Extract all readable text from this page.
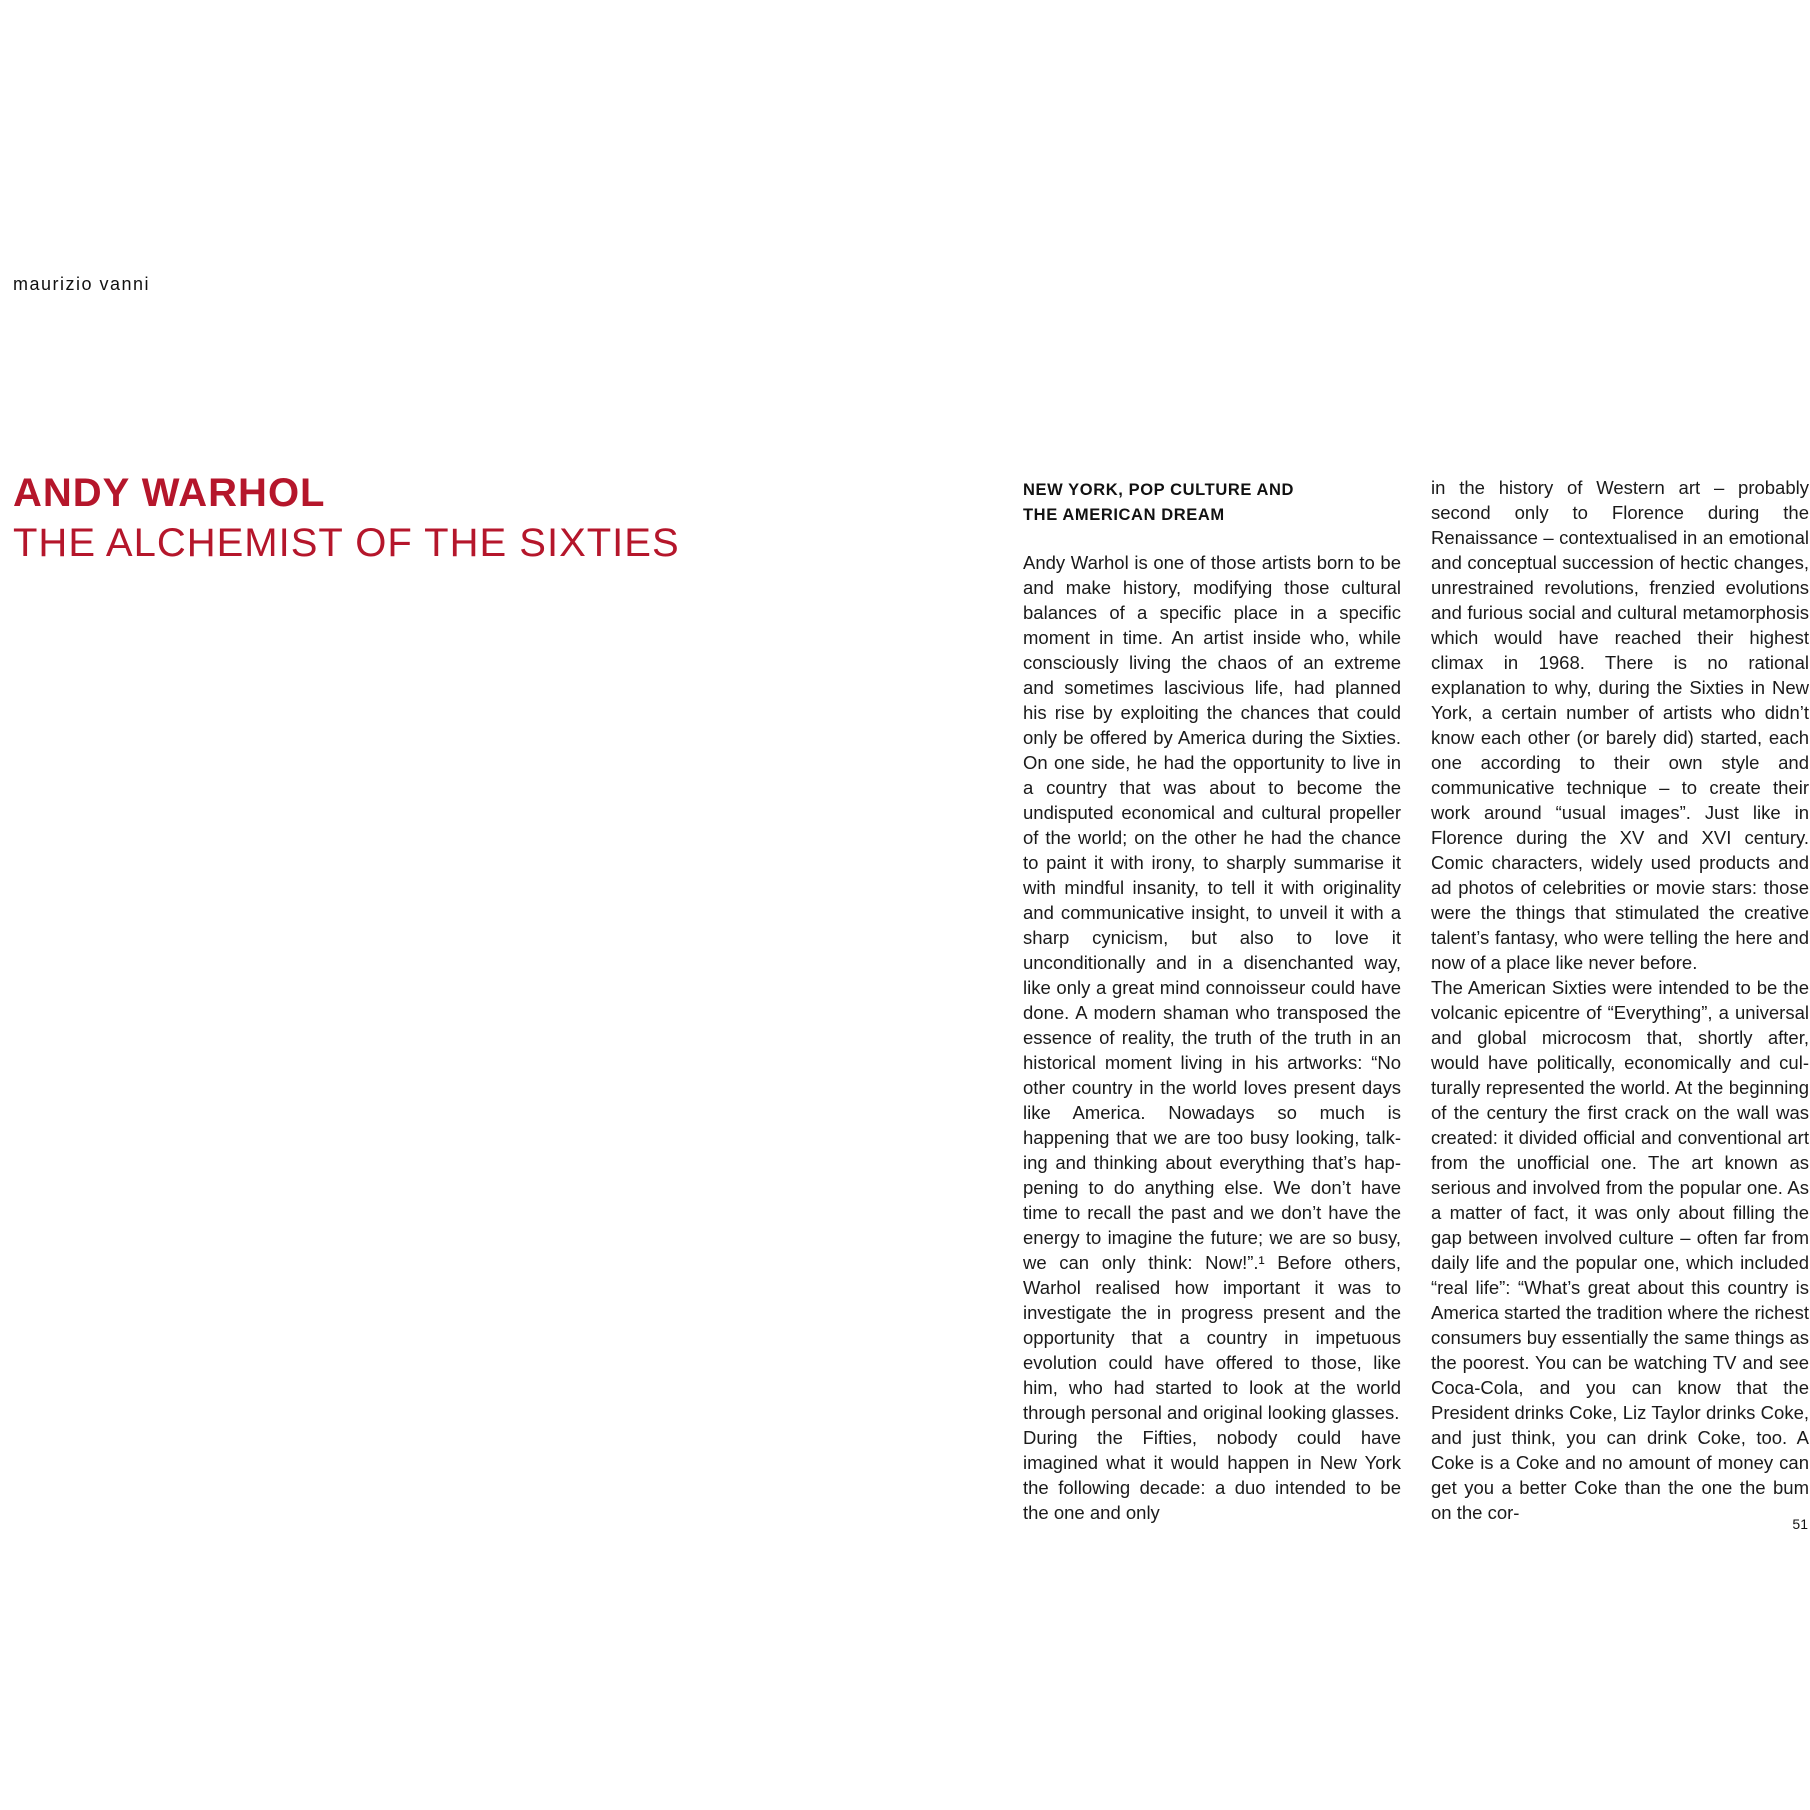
maurizio vanni
ANDY WARHOL
THE ALCHEMIST OF THE SIXTIES
NEW YORK, POP CULTURE AND
THE AMERICAN DREAM

Andy Warhol is one of those artists born to be and make history, modifying those cultural balances of a specific place in a specific moment in time. An artist inside who, while consciously living the chaos of an extreme and sometimes lascivious life, had planned his rise by exploiting the chances that could only be offered by America during the Sixties. On one side, he had the opportunity to live in a country that was about to become the undisputed economical and cultural propeller of the world; on the other he had the chance to paint it with irony, to sharply summarise it with mindful insanity, to tell it with originality and communicative insight, to unveil it with a sharp cynicism, but also to love it unconditionally and in a disenchanted way, like only a great mind connoisseur could have done. A modern shaman who transposed the essence of reality, the truth of the truth in an historical moment living in his artworks: “No other country in the world loves present days like America. Nowadays so much is happening that we are too busy looking, talking and thinking about everything that’s happening to do anything else. We don’t have time to recall the past and we don’t have the energy to imagine the future; we are so busy, we can only think: Now!”.¹ Before others, Warhol realised how important it was to investigate the in progress present and the opportunity that a country in impetuous evolution could have offered to those, like him, who had started to look at the world through personal and original looking glasses.

During the Fifties, nobody could have imagined what it would happen in New York the following decade: a duo intended to be the one and only

in the history of Western art – probably second only to Florence during the Renaissance – contextualised in an emotional and conceptual succession of hectic changes, unrestrained revolutions, frenzied evolutions and furious social and cultural metamorphosis which would have reached their highest climax in 1968. There is no rational explanation to why, during the Sixties in New York, a certain number of artists who didn’t know each other (or barely did) started, each one according to their own style and communicative technique – to create their work around “usual images”. Just like in Florence during the XV and XVI century. Comic characters, widely used products and ad photos of celebrities or movie stars: those were the things that stimulated the creative talent’s fantasy, who were telling the here and now of a place like never before.

The American Sixties were intended to be the volcanic epicentre of “Everything”, a universal and global microcosm that, shortly after, would have politically, economically and culturally represented the world. At the beginning of the century the first crack on the wall was created: it divided official and conventional art from the unofficial one. The art known as serious and involved from the popular one. As a matter of fact, it was only about filling the gap between involved culture – often far from daily life and the popular one, which included “real life”: “What’s great about this country is America started the tradition where the richest consumers buy essentially the same things as the poorest. You can be watching TV and see Coca-Cola, and you can know that the President drinks Coke, Liz Taylor drinks Coke, and just think, you can drink Coke, too. A Coke is a Coke and no amount of money can get you a better Coke than the one the bum on the cor-

51
